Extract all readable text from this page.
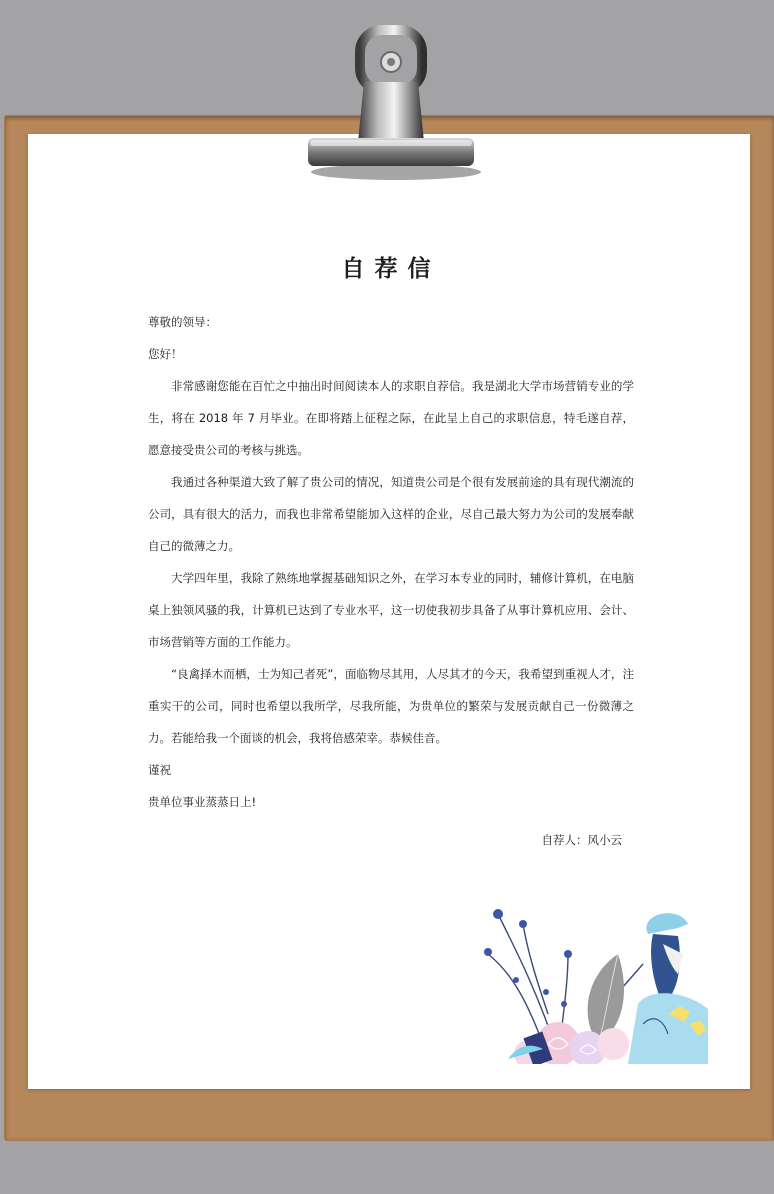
自荐信

尊敬的领导：

您好！

非常感谢您能在百忙之中抽出时间阅读本人的求职自荐信。我是湖北大学市场营销专业的学生，将在 2018 年 7 月毕业。在即将踏上征程之际，在此呈上自己的求职信息，特毛遂自荐，愿意接受贵公司的考核与挑选。

我通过各种渠道大致了解了贵公司的情况，知道贵公司是个很有发展前途的具有现代潮流的公司，具有很大的活力，而我也非常希望能加入这样的企业，尽自己最大努力为公司的发展奉献自己的微薄之力。

大学四年里，我除了熟练地掌握基础知识之外，在学习本专业的同时，辅修计算机，在电脑桌上独领风骚的我，计算机已达到了专业水平，这一切使我初步具备了从事计算机应用、会计、市场营销等方面的工作能力。

“良禽择木而栖，士为知己者死”，面临物尽其用，人尽其才的今天，我希望到重视人才，注重实干的公司，同时也希望以我所学，尽我所能，为贵单位的繁荣与发展贡献自己一份微薄之力。若能给我一个面谈的机会，我将倍感荣幸。恭候佳音。

谨祝

贵单位事业蒸蒸日上!

自荐人：风小云
